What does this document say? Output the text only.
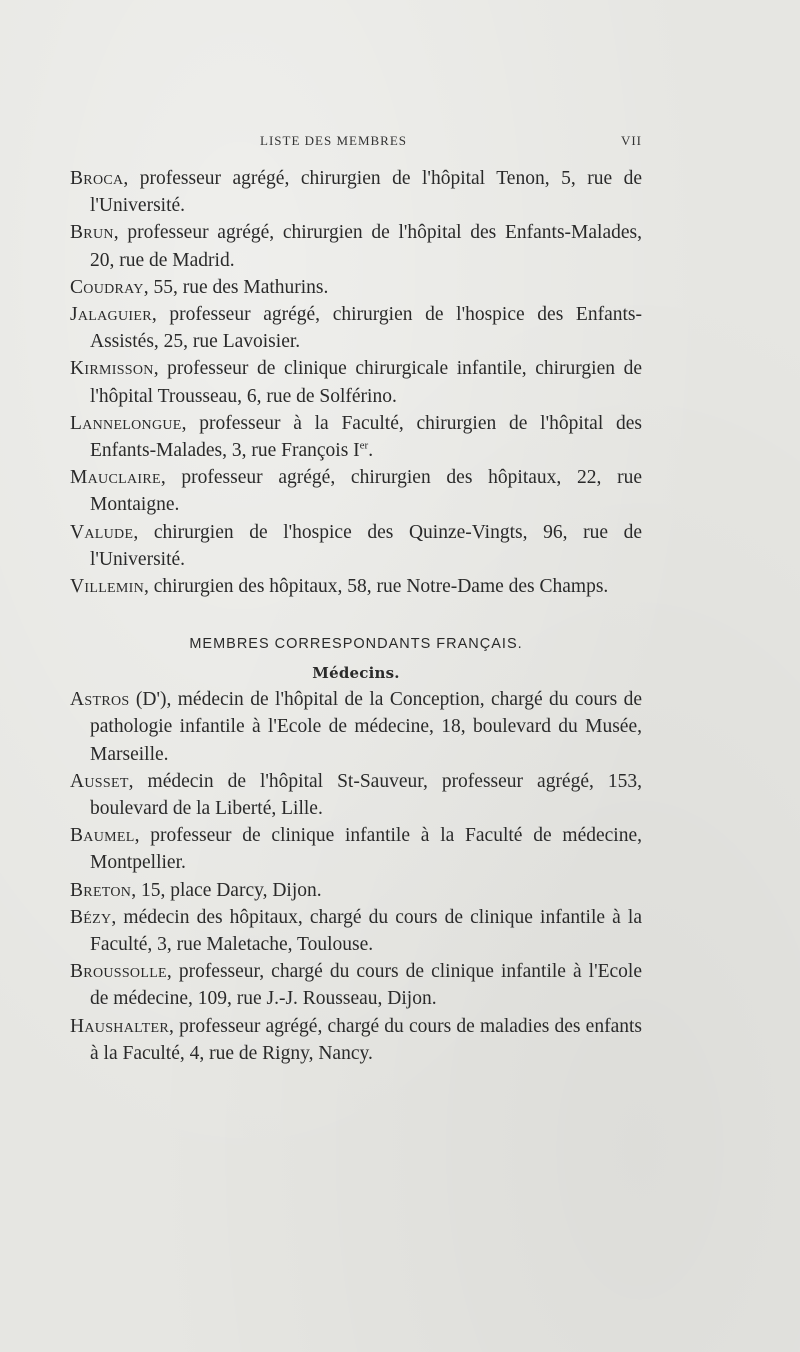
LISTE DES MEMBRES	VII

Broca, professeur agrégé, chirurgien de l'hôpital Tenon, 5, rue de l'Université.

Brun, professeur agrégé, chirurgien de l'hôpital des Enfants-Malades, 20, rue de Madrid.

Coudray, 55, rue des Mathurins.

Jalaguier, professeur agrégé, chirurgien de l'hospice des Enfants-Assistés, 25, rue Lavoisier.

Kirmisson, professeur de clinique chirurgicale infantile, chirurgien de l'hôpital Trousseau, 6, rue de Solférino.

Lannelongue, professeur à la Faculté, chirurgien de l'hôpital des Enfants-Malades, 3, rue François Ier.

Mauclaire, professeur agrégé, chirurgien des hôpitaux, 22, rue Montaigne.

Valude, chirurgien de l'hospice des Quinze-Vingts, 96, rue de l'Université.

Villemin, chirurgien des hôpitaux, 58, rue Notre-Dame des Champs.

MEMBRES CORRESPONDANTS FRANÇAIS.
Médecins.

Astros (D'), médecin de l'hôpital de la Conception, chargé du cours de pathologie infantile à l'Ecole de médecine, 18, boulevard du Musée, Marseille.

Ausset, médecin de l'hôpital St-Sauveur, professeur agrégé, 153, boulevard de la Liberté, Lille.

Baumel, professeur de clinique infantile à la Faculté de médecine, Montpellier.

Breton, 15, place Darcy, Dijon.

Bézy, médecin des hôpitaux, chargé du cours de clinique infantile à la Faculté, 3, rue Maletache, Toulouse.

Broussolle, professeur, chargé du cours de clinique infantile à l'Ecole de médecine, 109, rue J.-J. Rousseau, Dijon.

Haushalter, professeur agrégé, chargé du cours de maladies des enfants à la Faculté, 4, rue de Rigny, Nancy.
